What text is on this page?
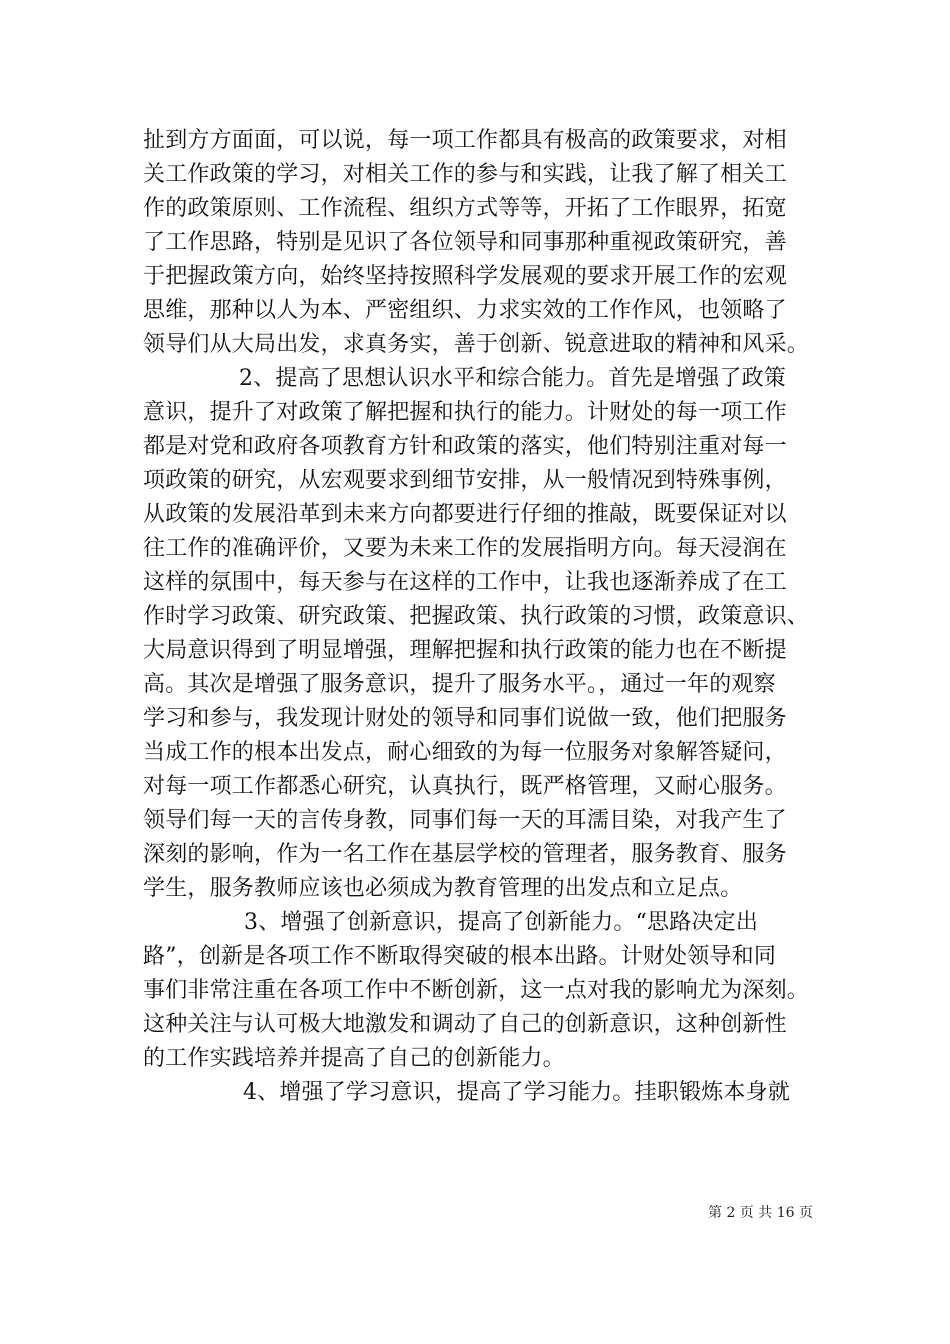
扯到方方面面，可以说，每一项工作都具有极高的政策要求，对相
关工作政策的学习，对相关工作的参与和实践，让我了解了相关工
作的政策原则、工作流程、组织方式等等，开拓了工作眼界，拓宽
了工作思路，特别是见识了各位领导和同事那种重视政策研究，善
于把握政策方向，始终坚持按照科学发展观的要求开展工作的宏观
思维，那种以人为本、严密组织、力求实效的工作作风，也领略了
领导们从大局出发，求真务实，善于创新、锐意进取的精神和风采。
2、提高了思想认识水平和综合能力。首先是增强了政策
意识，提升了对政策了解把握和执行的能力。计财处的每一项工作
都是对党和政府各项教育方针和政策的落实，他们特别注重对每一
项政策的研究，从宏观要求到细节安排，从一般情况到特殊事例，
从政策的发展沿革到未来方向都要进行仔细的推敲，既要保证对以
往工作的准确评价，又要为未来工作的发展指明方向。每天浸润在
这样的氛围中，每天参与在这样的工作中，让我也逐渐养成了在工
作时学习政策、研究政策、把握政策、执行政策的习惯，政策意识、
大局意识得到了明显增强，理解把握和执行政策的能力也在不断提
高。其次是增强了服务意识，提升了服务水平。，通过一年的观察
学习和参与，我发现计财处的领导和同事们说做一致，他们把服务
当成工作的根本出发点，耐心细致的为每一位服务对象解答疑问，
对每一项工作都悉心研究，认真执行，既严格管理，又耐心服务。
领导们每一天的言传身教，同事们每一天的耳濡目染，对我产生了
深刻的影响，作为一名工作在基层学校的管理者，服务教育、服务
学生，服务教师应该也必须成为教育管理的出发点和立足点。
3、增强了创新意识，提高了创新能力。“思路决定出
路”，创新是各项工作不断取得突破的根本出路。计财处领导和同
事们非常注重在各项工作中不断创新，这一点对我的影响尤为深刻。
这种关注与认可极大地激发和调动了自己的创新意识，这种创新性
的工作实践培养并提高了自己的创新能力。
4、增强了学习意识，提高了学习能力。挂职锻炼本身就
第 2 页 共 16 页
